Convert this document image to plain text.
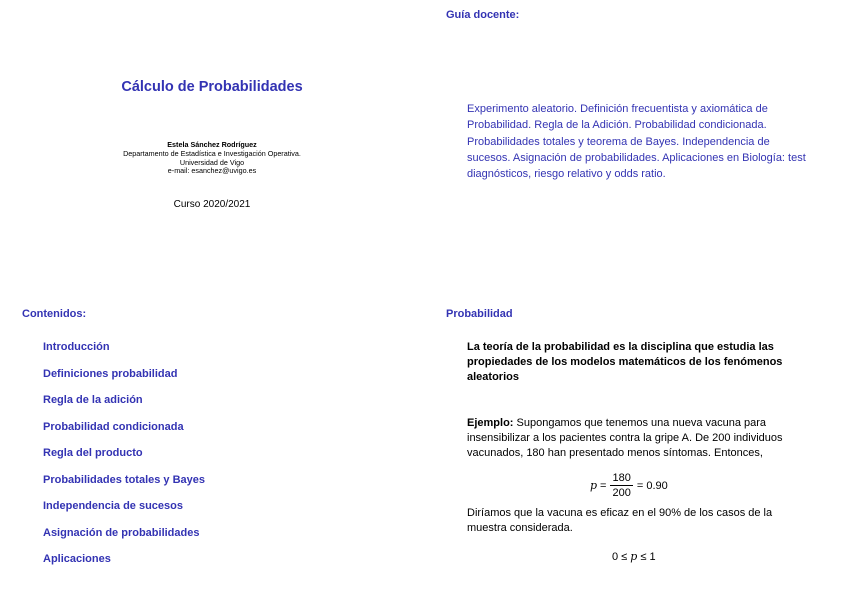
Cálculo de Probabilidades
Estela Sánchez Rodríguez
Departamento de Estadística e Investigación Operativa.
Universidad de Vigo
e-mail: esanchez@uvigo.es
Curso 2020/2021
Guía docente:
Experimento aleatorio. Definición frecuentista y axiomática de Probabilidad. Regla de la Adición. Probabilidad condicionada. Probabilidades totales y teorema de Bayes. Independencia de sucesos. Asignación de probabilidades. Aplicaciones en Biología: test diagnósticos, riesgo relativo y odds ratio.
Contenidos:
Introducción
Definiciones probabilidad
Regla de la adición
Probabilidad condicionada
Regla del producto
Probabilidades totales y Bayes
Independencia de sucesos
Asignación de probabilidades
Aplicaciones
Probabilidad
La teoría de la probabilidad es la disciplina que estudia las propiedades de los modelos matemáticos de los fenómenos aleatorios
Ejemplo: Supongamos que tenemos una nueva vacuna para insensibilizar a los pacientes contra la gripe A. De 200 individuos vacunados, 180 han presentado menos síntomas. Entonces,
$p = \frac{180}{200} = 0.90$
Diríamos que la vacuna es eficaz en el 90% de los casos de la muestra considerada.
0 ≤ p ≤ 1
